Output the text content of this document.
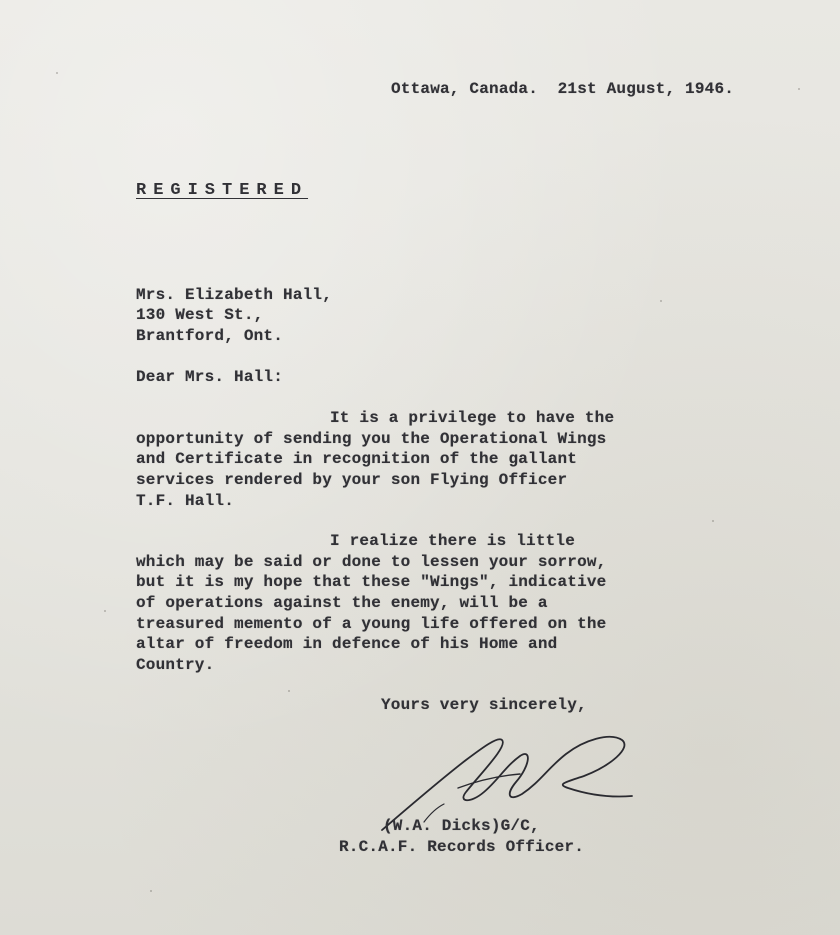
Ottawa, Canada.  21st August, 1946.

REGISTERED

Mrs. Elizabeth Hall,

130 West St.,

Brantford, Ont.

Dear Mrs. Hall:

It is a privilege to have the

opportunity of sending you the Operational Wings

and Certificate in recognition of the gallant

services rendered by your son Flying Officer

T.F. Hall.

I realize there is little

which may be said or done to lessen your sorrow,

but it is my hope that these "Wings", indicative

of operations against the enemy, will be a

treasured memento of a young life offered on the

altar of freedom in defence of his Home and

Country.

Yours very sincerely,

(W.A. Dicks)G/C,

R.C.A.F. Records Officer.
